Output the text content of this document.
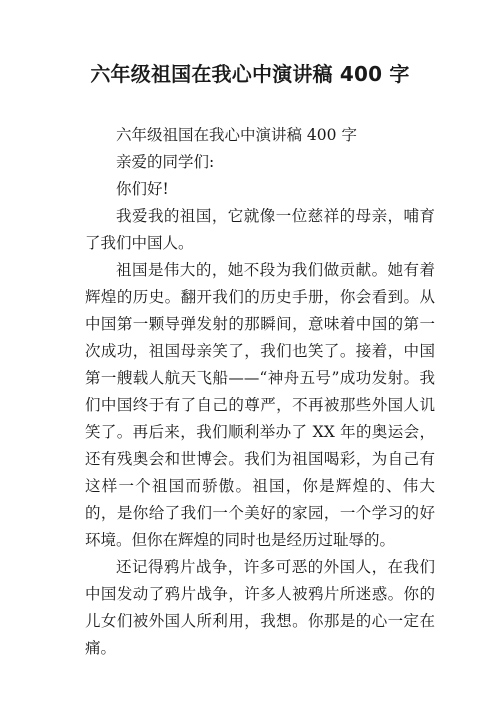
六年级祖国在我心中演讲稿 400 字

六年级祖国在我心中演讲稿 400 字

亲爱的同学们:

你们好!

我爱我的祖国，它就像一位慈祥的母亲，哺育了我们中国人。

祖国是伟大的，她不段为我们做贡献。她有着辉煌的历史。翻开我们的历史手册，你会看到。从中国第一颗导弹发射的那瞬间，意味着中国的第一次成功，祖国母亲笑了，我们也笑了。接着，中国第一艘载人航天飞船——“神舟五号”成功发射。我们中国终于有了自己的尊严，不再被那些外国人讥笑了。再后来，我们顺利举办了 XX 年的奥运会，还有残奥会和世博会。我们为祖国喝彩，为自己有这样一个祖国而骄傲。祖国，你是辉煌的、伟大的，是你给了我们一个美好的家园，一个学习的好环境。但你在辉煌的同时也是经历过耻辱的。

还记得鸦片战争，许多可恶的外国人，在我们中国发动了鸦片战争，许多人被鸦片所迷惑。你的儿女们被外国人所利用，我想。你那是的心一定在痛。
